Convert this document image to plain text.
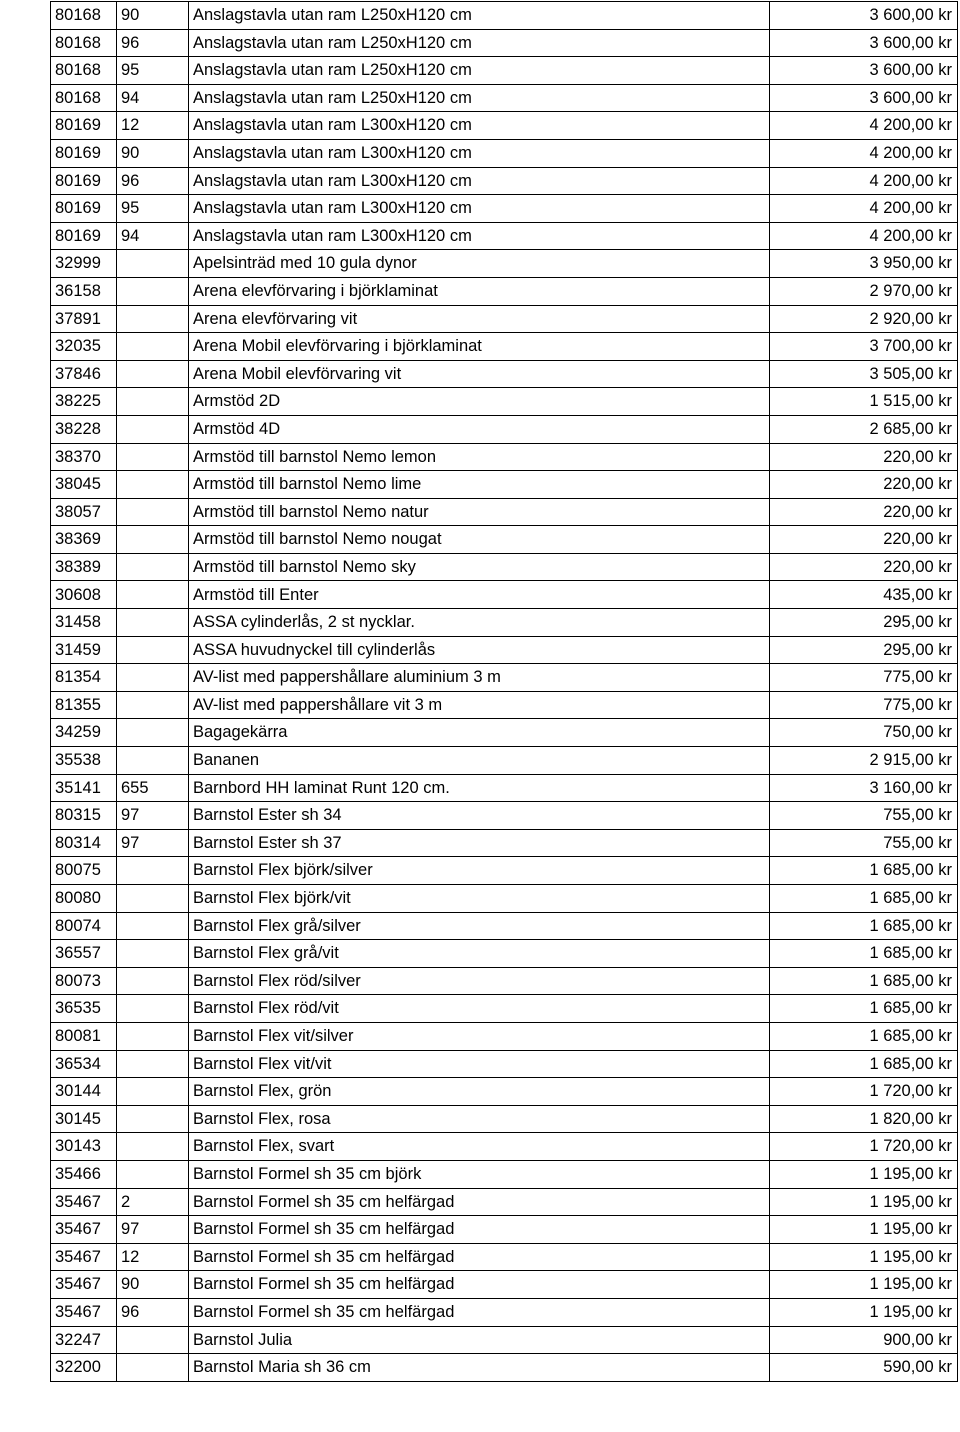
80168	90	Anslagstavla utan ram L250xH120 cm	3 600,00 kr
80168	96	Anslagstavla utan ram L250xH120 cm	3 600,00 kr
80168	95	Anslagstavla utan ram L250xH120 cm	3 600,00 kr
80168	94	Anslagstavla utan ram L250xH120 cm	3 600,00 kr
80169	12	Anslagstavla utan ram L300xH120 cm	4 200,00 kr
80169	90	Anslagstavla utan ram L300xH120 cm	4 200,00 kr
80169	96	Anslagstavla utan ram L300xH120 cm	4 200,00 kr
80169	95	Anslagstavla utan ram L300xH120 cm	4 200,00 kr
80169	94	Anslagstavla utan ram L300xH120 cm	4 200,00 kr
32999		Apelsinträd med 10 gula dynor	3 950,00 kr
36158		Arena elevförvaring i björklaminat	2 970,00 kr
37891		Arena elevförvaring vit	2 920,00 kr
32035		Arena Mobil elevförvaring i björklaminat	3 700,00 kr
37846		Arena Mobil elevförvaring vit	3 505,00 kr
38225		Armstöd 2D	1 515,00 kr
38228		Armstöd 4D	2 685,00 kr
38370		Armstöd till barnstol Nemo lemon	220,00 kr
38045		Armstöd till barnstol Nemo lime	220,00 kr
38057		Armstöd till barnstol Nemo natur	220,00 kr
38369		Armstöd till barnstol Nemo nougat	220,00 kr
38389		Armstöd till barnstol Nemo sky	220,00 kr
30608		Armstöd till Enter	435,00 kr
31458		ASSA cylinderlås, 2 st nycklar.	295,00 kr
31459		ASSA huvudnyckel till cylinderlås	295,00 kr
81354		AV-list med pappershållare aluminium 3 m	775,00 kr
81355		AV-list med pappershållare vit 3 m	775,00 kr
34259		Bagagekärra	750,00 kr
35538		Bananen	2 915,00 kr
35141	655	Barnbord HH laminat Runt 120 cm.	3 160,00 kr
80315	97	Barnstol Ester sh 34	755,00 kr
80314	97	Barnstol Ester sh 37	755,00 kr
80075		Barnstol Flex björk/silver	1 685,00 kr
80080		Barnstol Flex björk/vit	1 685,00 kr
80074		Barnstol Flex grå/silver	1 685,00 kr
36557		Barnstol Flex grå/vit	1 685,00 kr
80073		Barnstol Flex röd/silver	1 685,00 kr
36535		Barnstol Flex röd/vit	1 685,00 kr
80081		Barnstol Flex vit/silver	1 685,00 kr
36534		Barnstol Flex vit/vit	1 685,00 kr
30144		Barnstol Flex, grön	1 720,00 kr
30145		Barnstol Flex, rosa	1 820,00 kr
30143		Barnstol Flex, svart	1 720,00 kr
35466		Barnstol Formel sh 35 cm björk	1 195,00 kr
35467	2	Barnstol Formel sh 35 cm helfärgad	1 195,00 kr
35467	97	Barnstol Formel sh 35 cm helfärgad	1 195,00 kr
35467	12	Barnstol Formel sh 35 cm helfärgad	1 195,00 kr
35467	90	Barnstol Formel sh 35 cm helfärgad	1 195,00 kr
35467	96	Barnstol Formel sh 35 cm helfärgad	1 195,00 kr
32247		Barnstol Julia	900,00 kr
32200		Barnstol Maria sh 36 cm	590,00 kr
